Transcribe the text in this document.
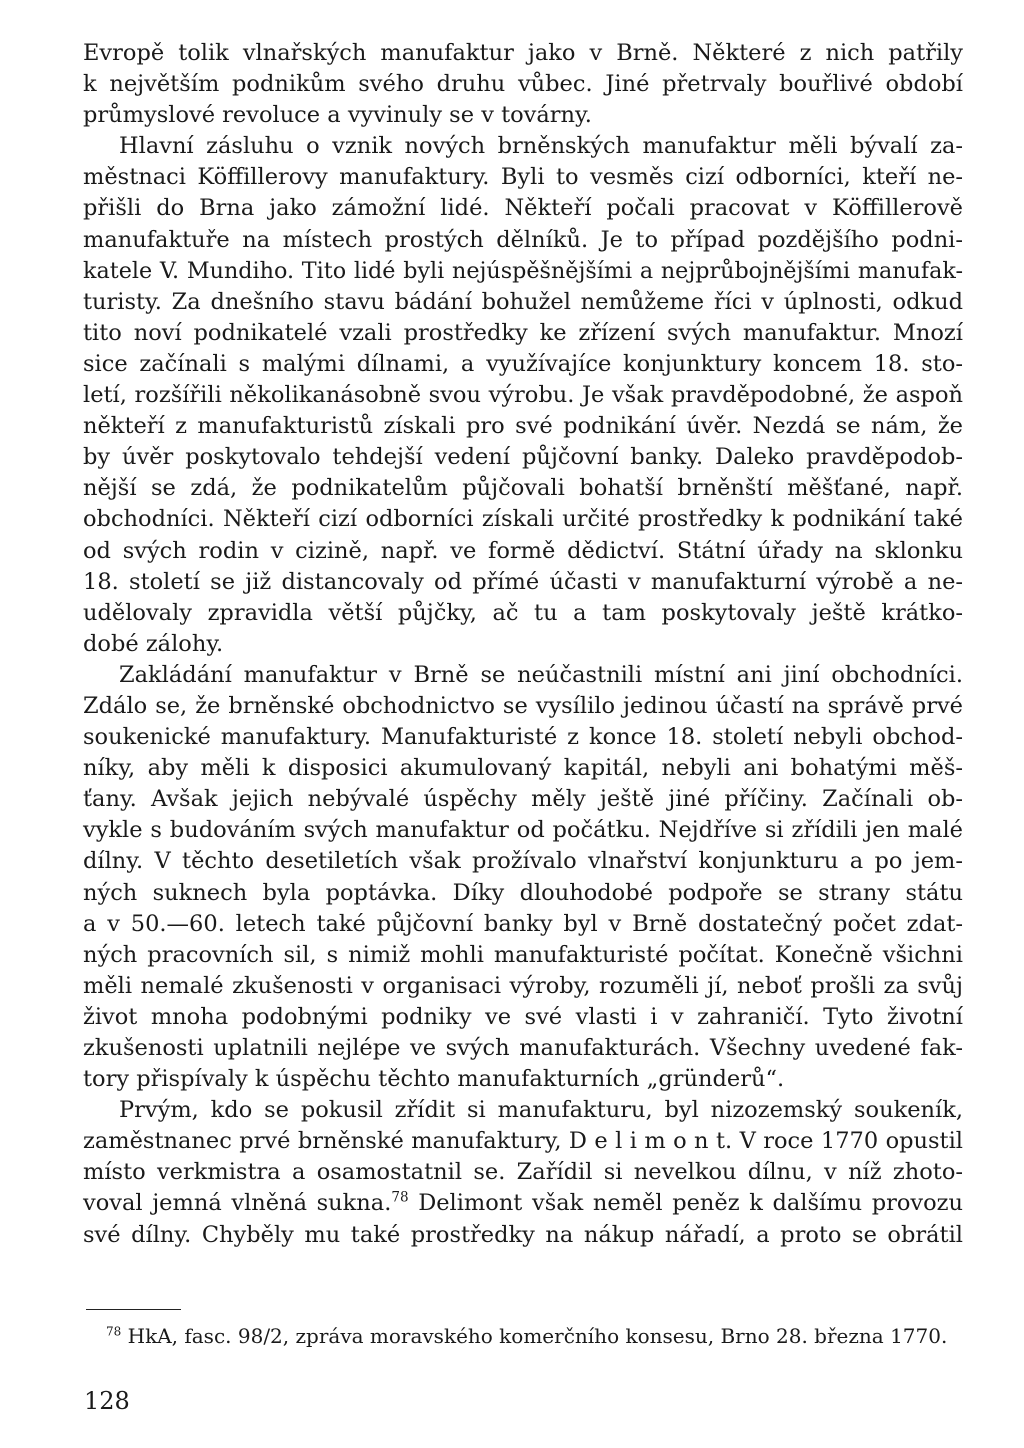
Evropě tolik vlnařských manufaktur jako v Brně. Některé z nich patřily
k největším podnikům svého druhu vůbec. Jiné přetrvaly bouřlivé období
průmyslové revoluce a vyvinuly se v továrny.
Hlavní zásluhu o vznik nových brněnských manufaktur měli bývalí za-
městnaci Köffillerovy manufaktury. Byli to vesměs cizí odborníci, kteří ne-
přišli do Brna jako zámožní lidé. Někteří počali pracovat v Köffillerově
manufaktuře na místech prostých dělníků. Je to případ pozdějšího podni-
katele V. Mundiho. Tito lidé byli nejúspěšnějšími a nejprůbojnějšími manufak-
turisty. Za dnešního stavu bádání bohužel nemůžeme říci v úplnosti, odkud
tito noví podnikatelé vzali prostředky ke zřízení svých manufaktur. Mnozí
sice začínali s malými dílnami, a využívajíce konjunktury koncem 18. sto-
letí, rozšířili několikanásobně svou výrobu. Je však pravděpodobné, že aspoň
někteří z manufakturistů získali pro své podnikání úvěr. Nezdá se nám, že
by úvěr poskytovalo tehdejší vedení půjčovní banky. Daleko pravděpodob-
nější se zdá, že podnikatelům půjčovali bohatší brněnští měšťané, např.
obchodníci. Někteří cizí odborníci získali určité prostředky k podnikání také
od svých rodin v cizině, např. ve formě dědictví. Státní úřady na sklonku
18. století se již distancovaly od přímé účasti v manufakturní výrobě a ne-
udělovaly zpravidla větší půjčky, ač tu a tam poskytovaly ještě krátko-
dobé zálohy.
Zakládání manufaktur v Brně se neúčastnili místní ani jiní obchodníci.
Zdálo se, že brněnské obchodnictvo se vysílilo jedinou účastí na správě prvé
soukenické manufaktury. Manufakturisté z konce 18. století nebyli obchod-
níky, aby měli k disposici akumulovaný kapitál, nebyli ani bohatými měš-
ťany. Avšak jejich nebývalé úspěchy měly ještě jiné příčiny. Začínali ob-
vykle s budováním svých manufaktur od počátku. Nejdříve si zřídili jen malé
dílny. V těchto desetiletích však prožívalo vlnařství konjunkturu a po jem-
ných suknech byla poptávka. Díky dlouhodobé podpoře se strany státu
a v 50.—60. letech také půjčovní banky byl v Brně dostatečný počet zdat-
ných pracovních sil, s nimiž mohli manufakturisté počítat. Konečně všichni
měli nemalé zkušenosti v organisaci výroby, rozuměli jí, neboť prošli za svůj
život mnoha podobnými podniky ve své vlasti i v zahraničí. Tyto životní
zkušenosti uplatnili nejlépe ve svých manufakturách. Všechny uvedené fak-
tory přispívaly k úspěchu těchto manufakturních „gründerů“.
Prvým, kdo se pokusil zřídit si manufakturu, byl nizozemský soukeník,
zaměstnanec prvé brněnské manufaktury, D e l i m o n t. V roce 1770 opustil
místo verkmistra a osamostatnil se. Zařídil si nevelkou dílnu, v níž zhoto-
voval jemná vlněná sukna.$^{78}$ Delimont však neměl peněz k dalšímu provozu
své dílny. Chyběly mu také prostředky na nákup nářadí, a proto se obrátil
$^{78}$ HkA, fasc. 98/2, zpráva moravského komerčního konsesu, Brno 28. března 1770.
128
